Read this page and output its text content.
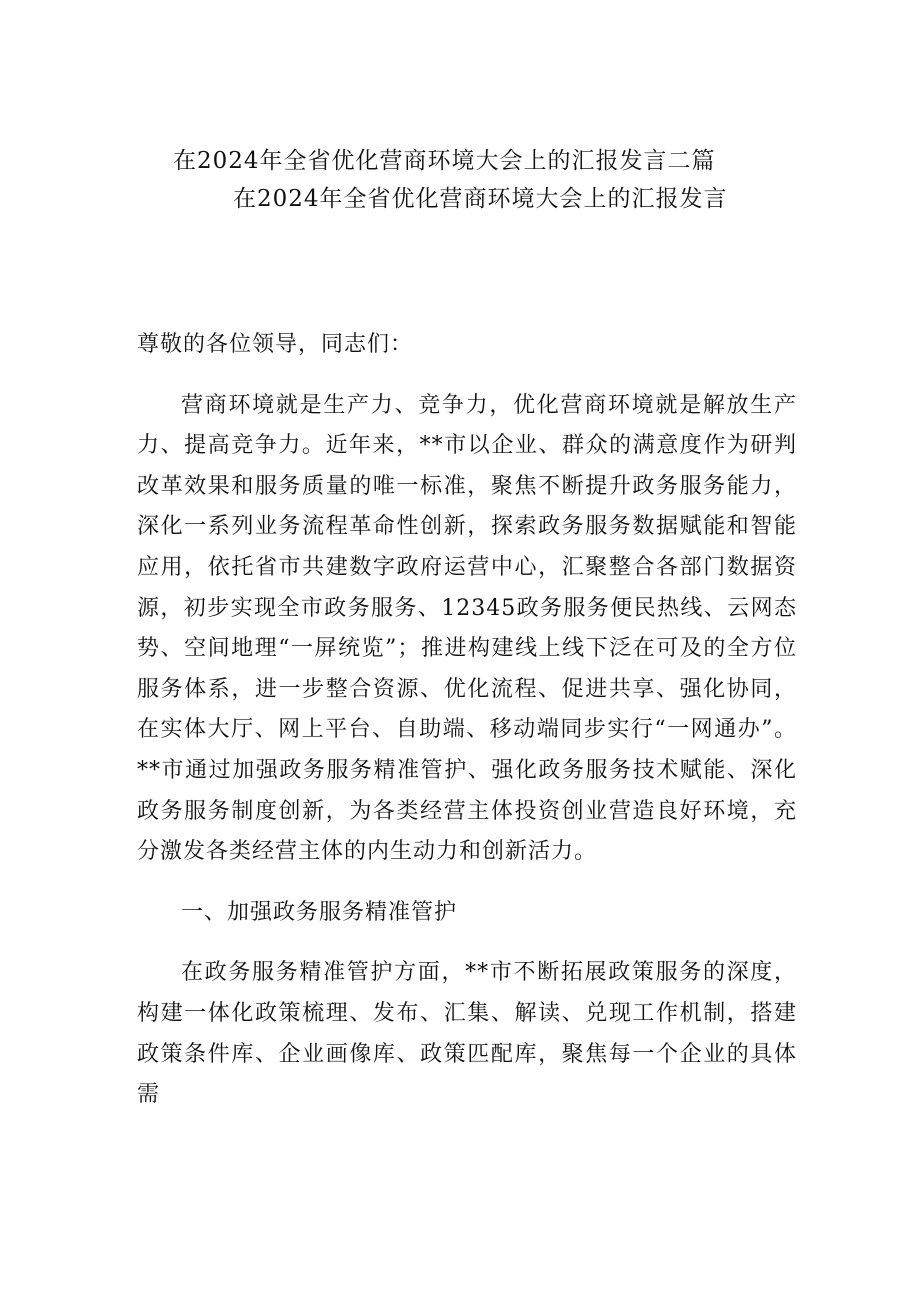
在2024年全省优化营商环境大会上的汇报发言二篇
在2024年全省优化营商环境大会上的汇报发言

尊敬的各位领导，同志们：

营商环境就是生产力、竞争力，优化营商环境就是解放生产力、提高竞争力。近年来，**市以企业、群众的满意度作为研判改革效果和服务质量的唯一标准，聚焦不断提升政务服务能力，深化一系列业务流程革命性创新，探索政务服务数据赋能和智能应用，依托省市共建数字政府运营中心，汇聚整合各部门数据资源，初步实现全市政务服务、12345政务服务便民热线、云网态势、空间地理“一屏统览”；推进构建线上线下泛在可及的全方位服务体系，进一步整合资源、优化流程、促进共享、强化协同，在实体大厅、网上平台、自助端、移动端同步实行“一网通办”。**市通过加强政务服务精准管护、强化政务服务技术赋能、深化政务服务制度创新，为各类经营主体投资创业营造良好环境，充分激发各类经营主体的内生动力和创新活力。

一、加强政务服务精准管护

在政务服务精准管护方面，**市不断拓展政策服务的深度，构建一体化政策梳理、发布、汇集、解读、兑现工作机制，搭建政策条件库、企业画像库、政策匹配库，聚焦每一个企业的具体需
